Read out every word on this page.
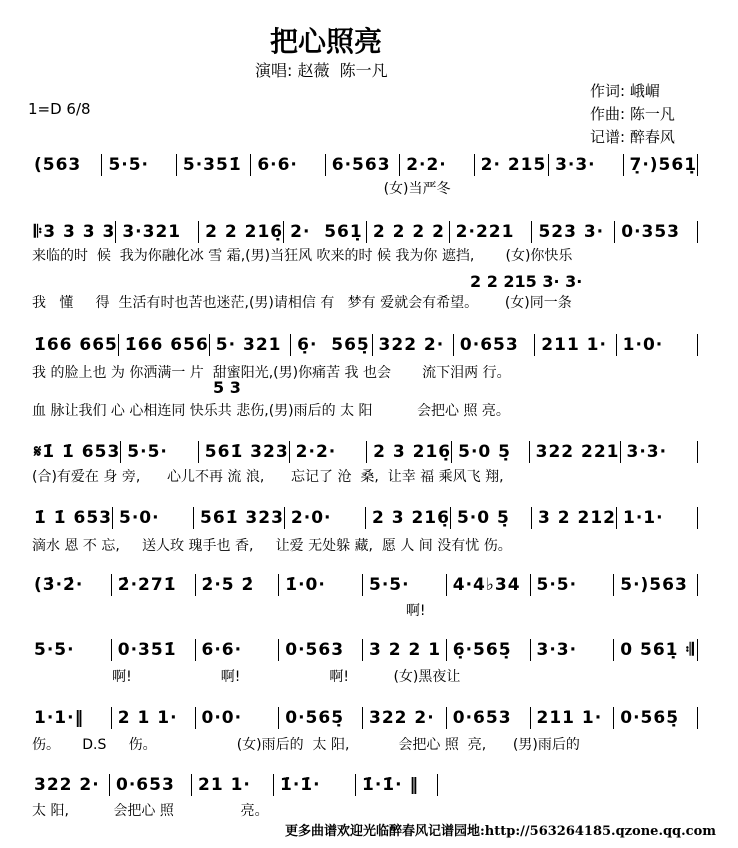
把心照亮
演唱: 赵薇  陈一凡
作词: 峨嵋
作曲: 陈一凡
记谱: 醉春风
1=D 6/8
更多曲谱欢迎光临醉春风记谱园地:http://563264185.qzone.qq.com
(563	5·5·	5·351̇ 6·6·	6·563 2·2·	2· 215 3·3·	7̣·)561̣
(女)当严冬
𝄆3 3 3 3 3·321	2 2 216̣ 2·  561̣ 2 2 2 2 2·221	523 3·	0·353
来临的时  候  我为你融化冰 雪 霜,(男)当狂风 吹来的时 候 我为你 遮挡,       (女)你快乐
我   懂     得  生活有时也苦也迷茫,(男)请相信 有   梦有 爱就会有希望。      (女)同一条
2 2 215 3· 3·
1̇66 665 1̇66 656 5· 321 6̣·  565̣ 322 2· 0·653	211 1· 1·0·
我 的脸上也 为 你洒满一 片  甜蜜阳光,(男)你痛苦 我 也会       流下泪两 行。
血 脉让我们 心 心相连同 快乐共 悲伤,(男)雨后的 太 阳          会把心 照 亮。
5 3
𝄋1̇ 1̇ 653 5·5·	561̇ 323 2·2·	2 3 216̣ 5·0 5̣	322 221 3·3·
(合)有爱在 身 旁,      心儿不再 流 浪,      忘记了 沧  桑,  让幸 福 乘风飞 翔,
1̇ 1̇ 653 5·0·	561̇ 323 2·0·	2 3 216̣ 5·0 5̣	3 2 212 1·1·
滴水 恩 不 忘,     送人玫 瑰手也 香,     让爱 无处躲 藏,  愿 人 间 没有忧 伤。
(3̇·2̇·	2̇·271̇	2̇·5 2̇	1̇·0·	5·5·	4·4♭34 5·5·	5·)563
啊!
5·5·	0·351̇	6·6·	0·563	3 2 2 1 6̣·565̣	3·3·	0 561̣ 𝄇
啊!                    啊!                    啊!          (女)黑夜让
1·1·‖	2 1 1·	0·0·	0·565̣	322 2·	0·653	211 1·	0·565̣
伤。     D.S     伤。                  (女)雨后的  太 阳,           会把心 照  亮,      (男)雨后的
322 2· 0·653	21 1·	1̇·1̇·	1̇·1̇· ‖
太 阳,          会把心 照               亮。
